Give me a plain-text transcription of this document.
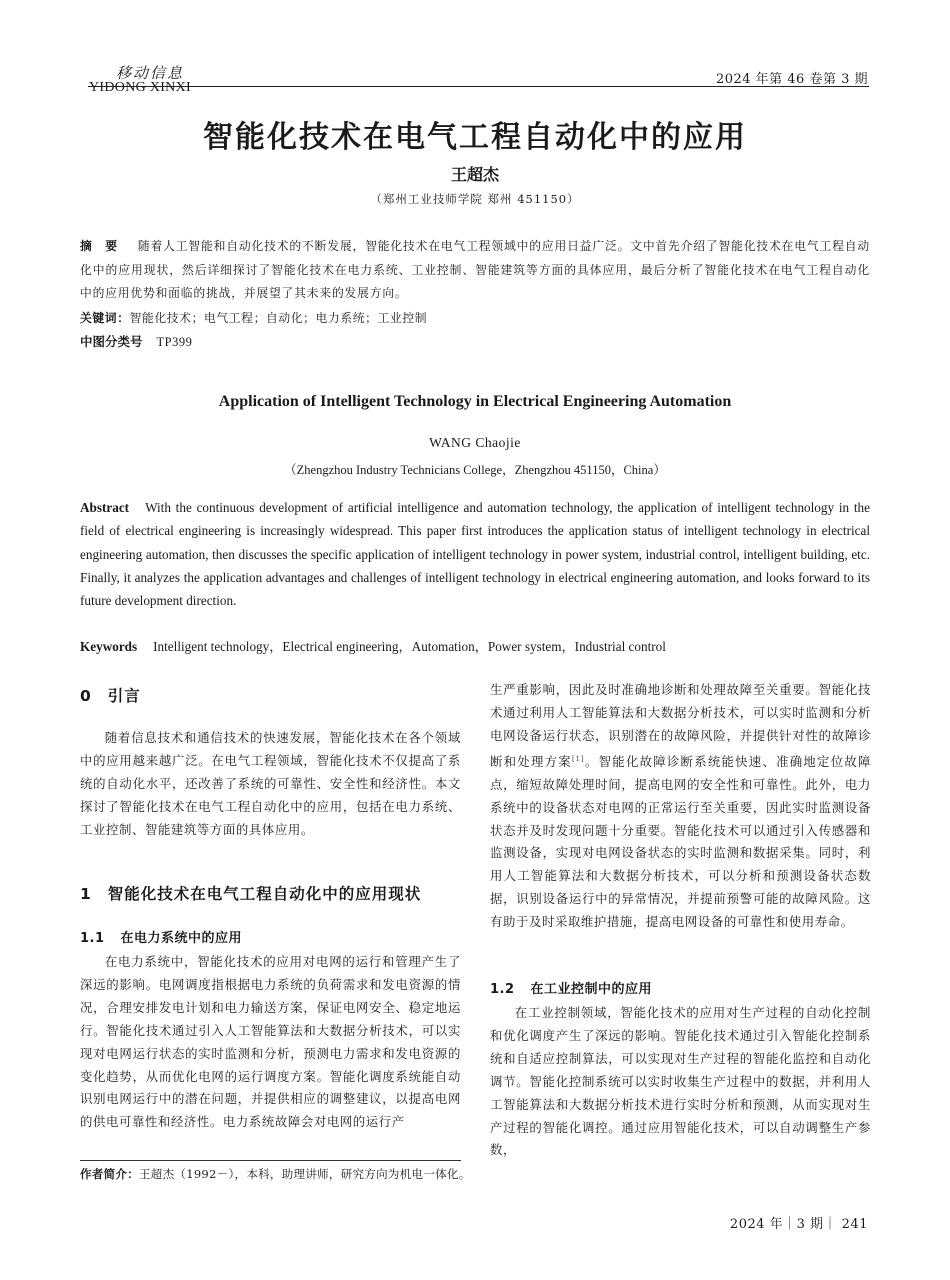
移动信息
YIDONG XINXI
2024 年第 46 卷第 3 期
智能化技术在电气工程自动化中的应用
王超杰
（郑州工业技师学院 郑州 451150）
摘　要 随着人工智能和自动化技术的不断发展，智能化技术在电气工程领域中的应用日益广泛。文中首先介绍了智能化技术在电气工程自动化中的应用现状，然后详细探讨了智能化技术在电力系统、工业控制、智能建筑等方面的具体应用，最后分析了智能化技术在电气工程自动化中的应用优势和面临的挑战，并展望了其未来的发展方向。
关键词：智能化技术；电气工程；自动化；电力系统；工业控制
中图分类号 TP399
Application of Intelligent Technology in Electrical Engineering Automation
WANG Chaojie
（Zhengzhou Industry Technicians College，Zhengzhou 451150，China）
Abstract With the continuous development of artificial intelligence and automation technology, the application of intelligent technology in the field of electrical engineering is increasingly widespread. This paper first introduces the application status of intelligent technology in electrical engineering automation, then discusses the specific application of intelligent technology in power system, industrial control, intelligent building, etc. Finally, it analyzes the application advantages and challenges of intelligent technology in electrical engineering automation, and looks forward to its future development direction.
Keywords Intelligent technology，Electrical engineering，Automation，Power system，Industrial control
0 引言

随着信息技术和通信技术的快速发展，智能化技术在各个领域中的应用越来越广泛。在电气工程领域，智能化技术不仅提高了系统的自动化水平，还改善了系统的可靠性、安全性和经济性。本文探讨了智能化技术在电气工程自动化中的应用，包括在电力系统、工业控制、智能建筑等方面的具体应用。

1 智能化技术在电气工程自动化中的应用现状
1.1 在电力系统中的应用

在电力系统中，智能化技术的应用对电网的运行和管理产生了深远的影响。电网调度指根据电力系统的负荷需求和发电资源的情况，合理安排发电计划和电力输送方案，保证电网安全、稳定地运行。智能化技术通过引入人工智能算法和大数据分析技术，可以实现对电网运行状态的实时监测和分析，预测电力需求和发电资源的变化趋势，从而优化电网的运行调度方案。智能化调度系统能自动识别电网运行中的潜在问题，并提供相应的调整建议，以提高电网的供电可靠性和经济性。电力系统故障会对电网的运行产

作者简介：王超杰（1992－），本科，助理讲师，研究方向为机电一体化。

生严重影响，因此及时准确地诊断和处理故障至关重要。智能化技术通过利用人工智能算法和大数据分析技术，可以实时监测和分析电网设备运行状态，识别潜在的故障风险，并提供针对性的故障诊断和处理方案[1]。智能化故障诊断系统能快速、准确地定位故障点，缩短故障处理时间，提高电网的安全性和可靠性。此外，电力系统中的设备状态对电网的正常运行至关重要，因此实时监测设备状态并及时发现问题十分重要。智能化技术可以通过引入传感器和监测设备，实现对电网设备状态的实时监测和数据采集。同时，利用人工智能算法和大数据分析技术，可以分析和预测设备状态数据，识别设备运行中的异常情况，并提前预警可能的故障风险。这有助于及时采取维护措施，提高电网设备的可靠性和使用寿命。

1.2 在工业控制中的应用

在工业控制领域，智能化技术的应用对生产过程的自动化控制和优化调度产生了深远的影响。智能化技术通过引入智能化控制系统和自适应控制算法，可以实现对生产过程的智能化监控和自动化调节。智能化控制系统可以实时收集生产过程中的数据，并利用人工智能算法和大数据分析技术进行实时分析和预测，从而实现对生产过程的智能化调控。通过应用智能化技术，可以自动调整生产参数，

2024 年｜3 期｜ 241
